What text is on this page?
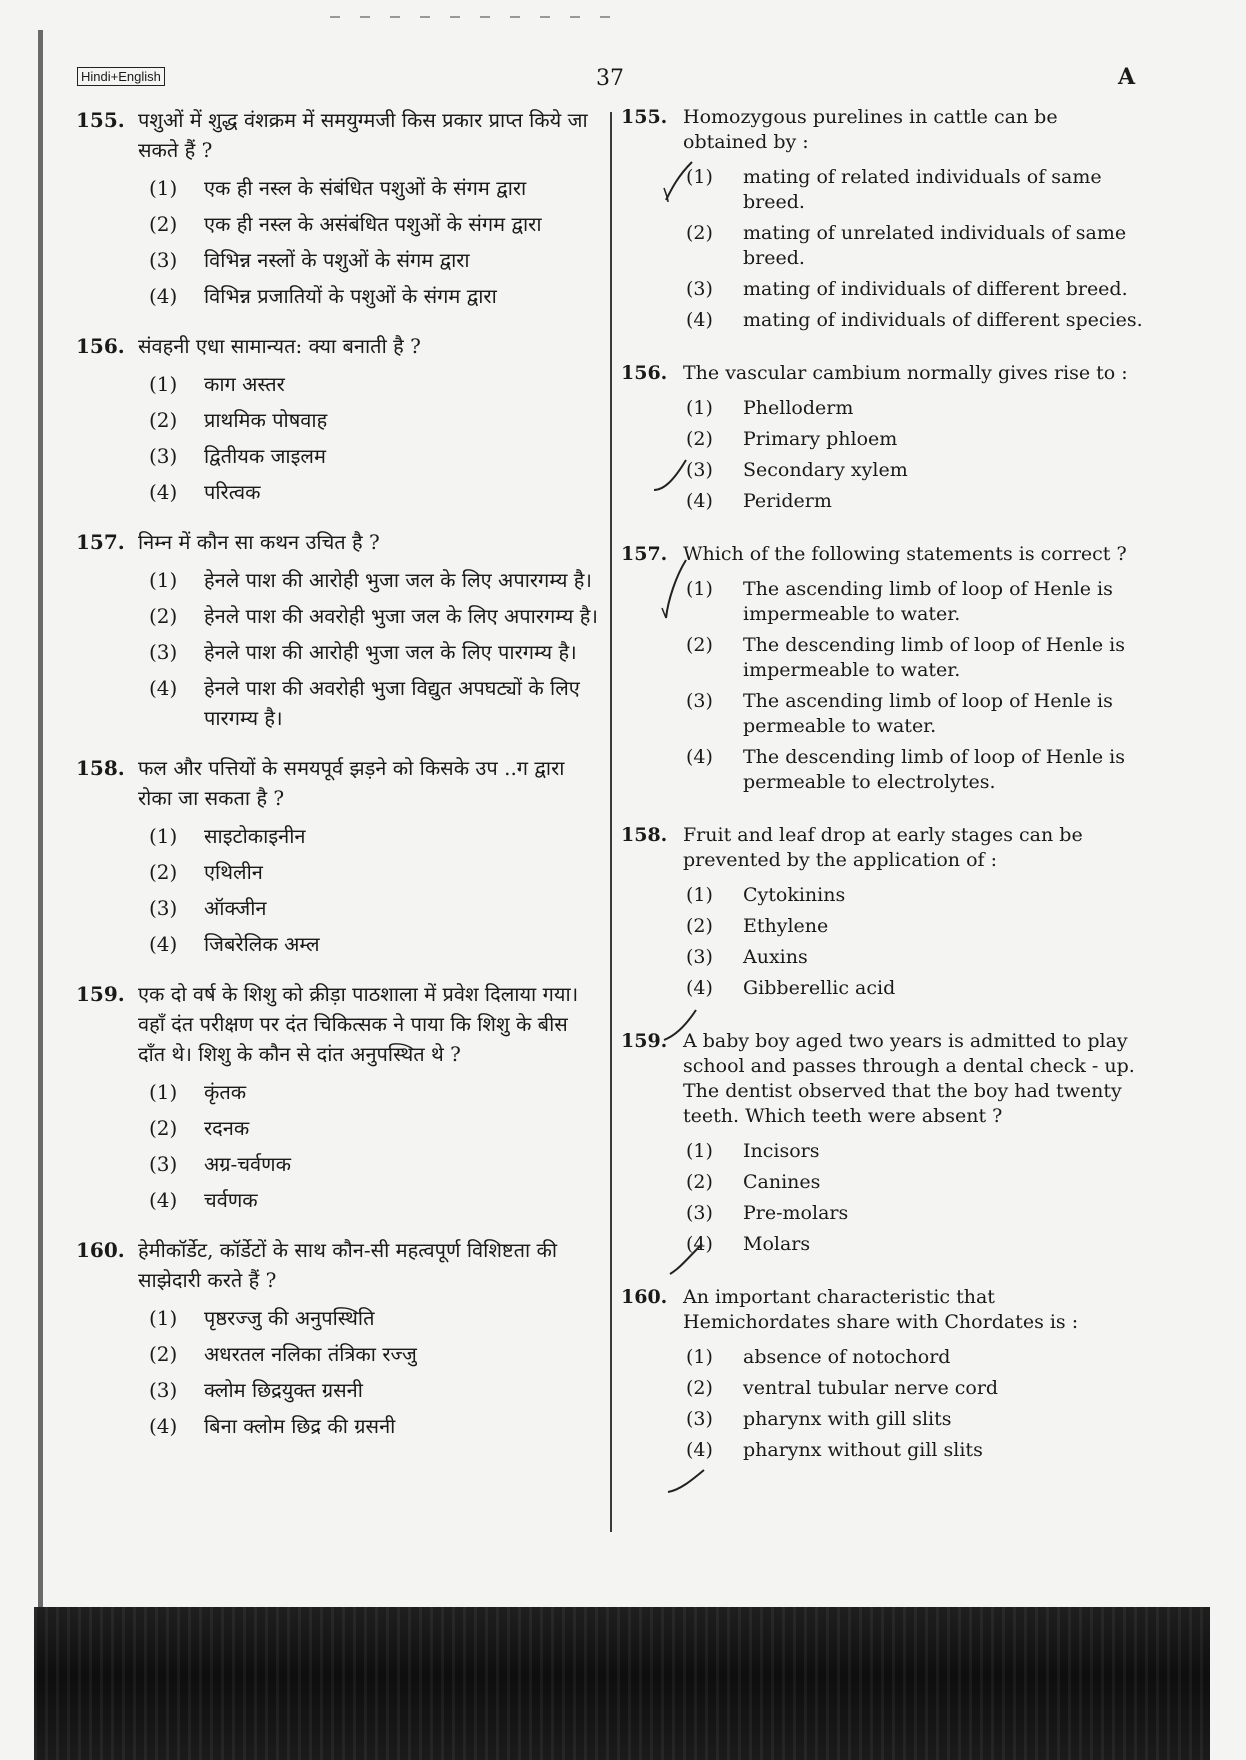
Hindi+English	37	A
155. पशुओं में शुद्ध वंशक्रम में समयुग्मजी किस प्रकार प्राप्त किये जा सकते हैं ?
(1) एक ही नस्ल के संबंधित पशुओं के संगम द्वारा
(2) एक ही नस्ल के असंबंधित पशुओं के संगम द्वारा
(3) विभिन्न नस्लों के पशुओं के संगम द्वारा
(4) विभिन्न प्रजातियों के पशुओं के संगम द्वारा
156. संवहनी एधा सामान्यत: क्या बनाती है ?
(1) काग अस्तर
(2) प्राथमिक पोषवाह
(3) द्वितीयक जाइलम
(4) परित्वक
157. निम्न में कौन सा कथन उचित है ?
(1) हेनले पाश की आरोही भुजा जल के लिए अपारगम्य है।
(2) हेनले पाश की अवरोही भुजा जल के लिए अपारगम्य है।
(3) हेनले पाश की आरोही भुजा जल के लिए पारगम्य है।
(4) हेनले पाश की अवरोही भुजा विद्युत अपघट्यों के लिए पारगम्य है।
158. फल और पत्तियों के समयपूर्व झड़ने को किसके उप ..ग द्वारा रोका जा सकता है ?
(1) साइटोकाइनीन
(2) एथिलीन
(3) ऑक्जीन
(4) जिबरेलिक अम्ल
159. एक दो वर्ष के शिशु को क्रीड़ा पाठशाला में प्रवेश दिलाया गया। वहाँ दंत परीक्षण पर दंत चिकित्सक ने पाया कि शिशु के बीस दाँत थे। शिशु के कौन से दांत अनुपस्थित थे ?
(1) कृंतक
(2) रदनक
(3) अग्र-चर्वणक
(4) चर्वणक
160. हेमीकॉर्डेट, कॉर्डेटों के साथ कौन-सी महत्वपूर्ण विशिष्टता की साझेदारी करते हैं ?
(1) पृष्ठरज्जु की अनुपस्थिति
(2) अधरतल नलिका तंत्रिका रज्जु
(3) क्लोम छिद्रयुक्त ग्रसनी
(4) बिना क्लोम छिद्र की ग्रसनी
155. Homozygous purelines in cattle can be obtained by :
(1) mating of related individuals of same breed.
(2) mating of unrelated individuals of same breed.
(3) mating of individuals of different breed.
(4) mating of individuals of different species.
156. The vascular cambium normally gives rise to :
(1) Phelloderm
(2) Primary phloem
(3) Secondary xylem
(4) Periderm
157. Which of the following statements is correct ?
(1) The ascending limb of loop of Henle is impermeable to water.
(2) The descending limb of loop of Henle is impermeable to water.
(3) The ascending limb of loop of Henle is permeable to water.
(4) The descending limb of loop of Henle is permeable to electrolytes.
158. Fruit and leaf drop at early stages can be prevented by the application of :
(1) Cytokinins
(2) Ethylene
(3) Auxins
(4) Gibberellic acid
159. A baby boy aged two years is admitted to play school and passes through a dental check - up. The dentist observed that the boy had twenty teeth. Which teeth were absent ?
(1) Incisors
(2) Canines
(3) Pre-molars
(4) Molars
160. An important characteristic that Hemichordates share with Chordates is :
(1) absence of notochord
(2) ventral tubular nerve cord
(3) pharynx with gill slits
(4) pharynx without gill slits
